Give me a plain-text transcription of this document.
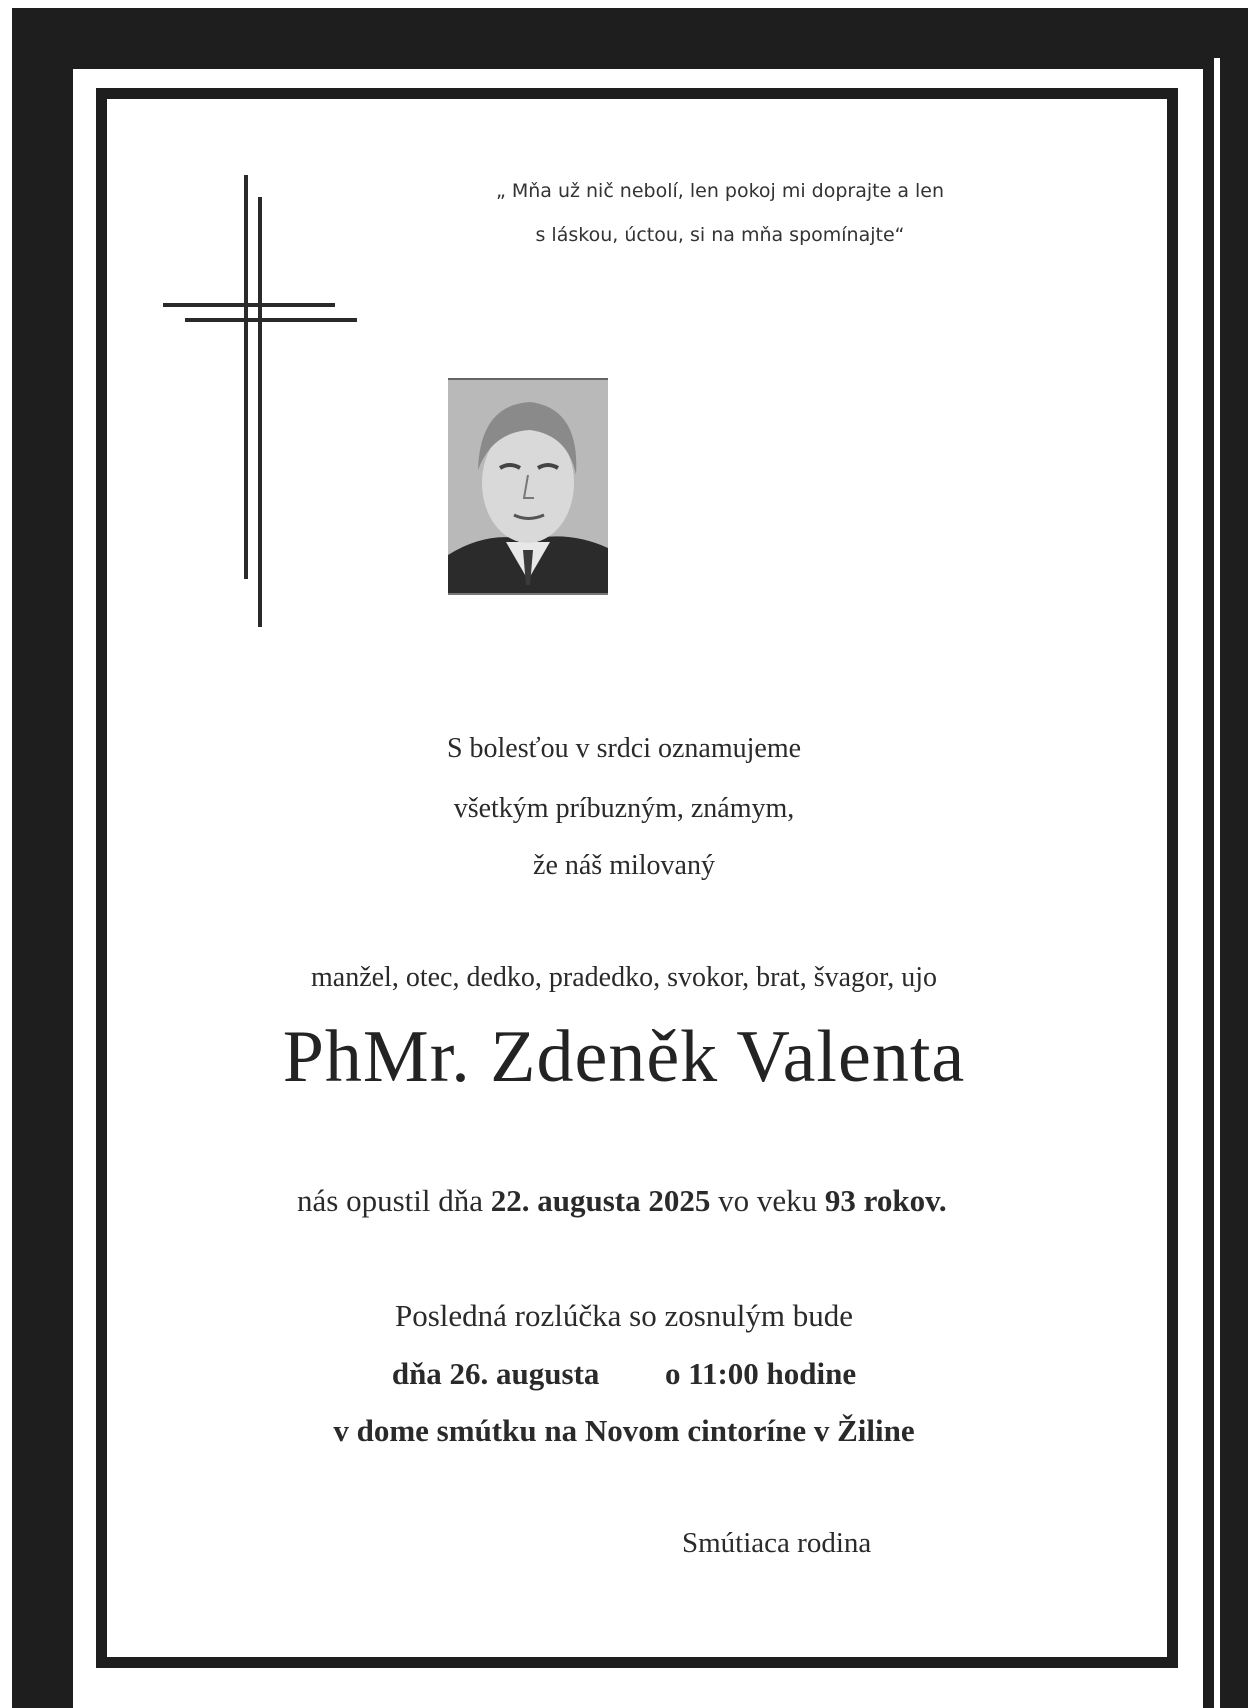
„ Mňa už nič nebolí, len pokoj mi doprajte a len
s láskou, úctou, si na mňa spomínajte“
S bolesťou v srdci oznamujeme
všetkým príbuzným, známym,
že náš milovaný
manžel, otec, dedko, pradedko, svokor, brat, švagor, ujo
PhMr. Zdeněk Valenta
nás opustil dňa 22. augusta 2025 vo veku 93 rokov.
Posledná rozlúčka so zosnulým bude
dňa 26. augusta o 11:00 hodine
v dome smútku na Novom cintoríne v Žiline
Smútiaca rodina
